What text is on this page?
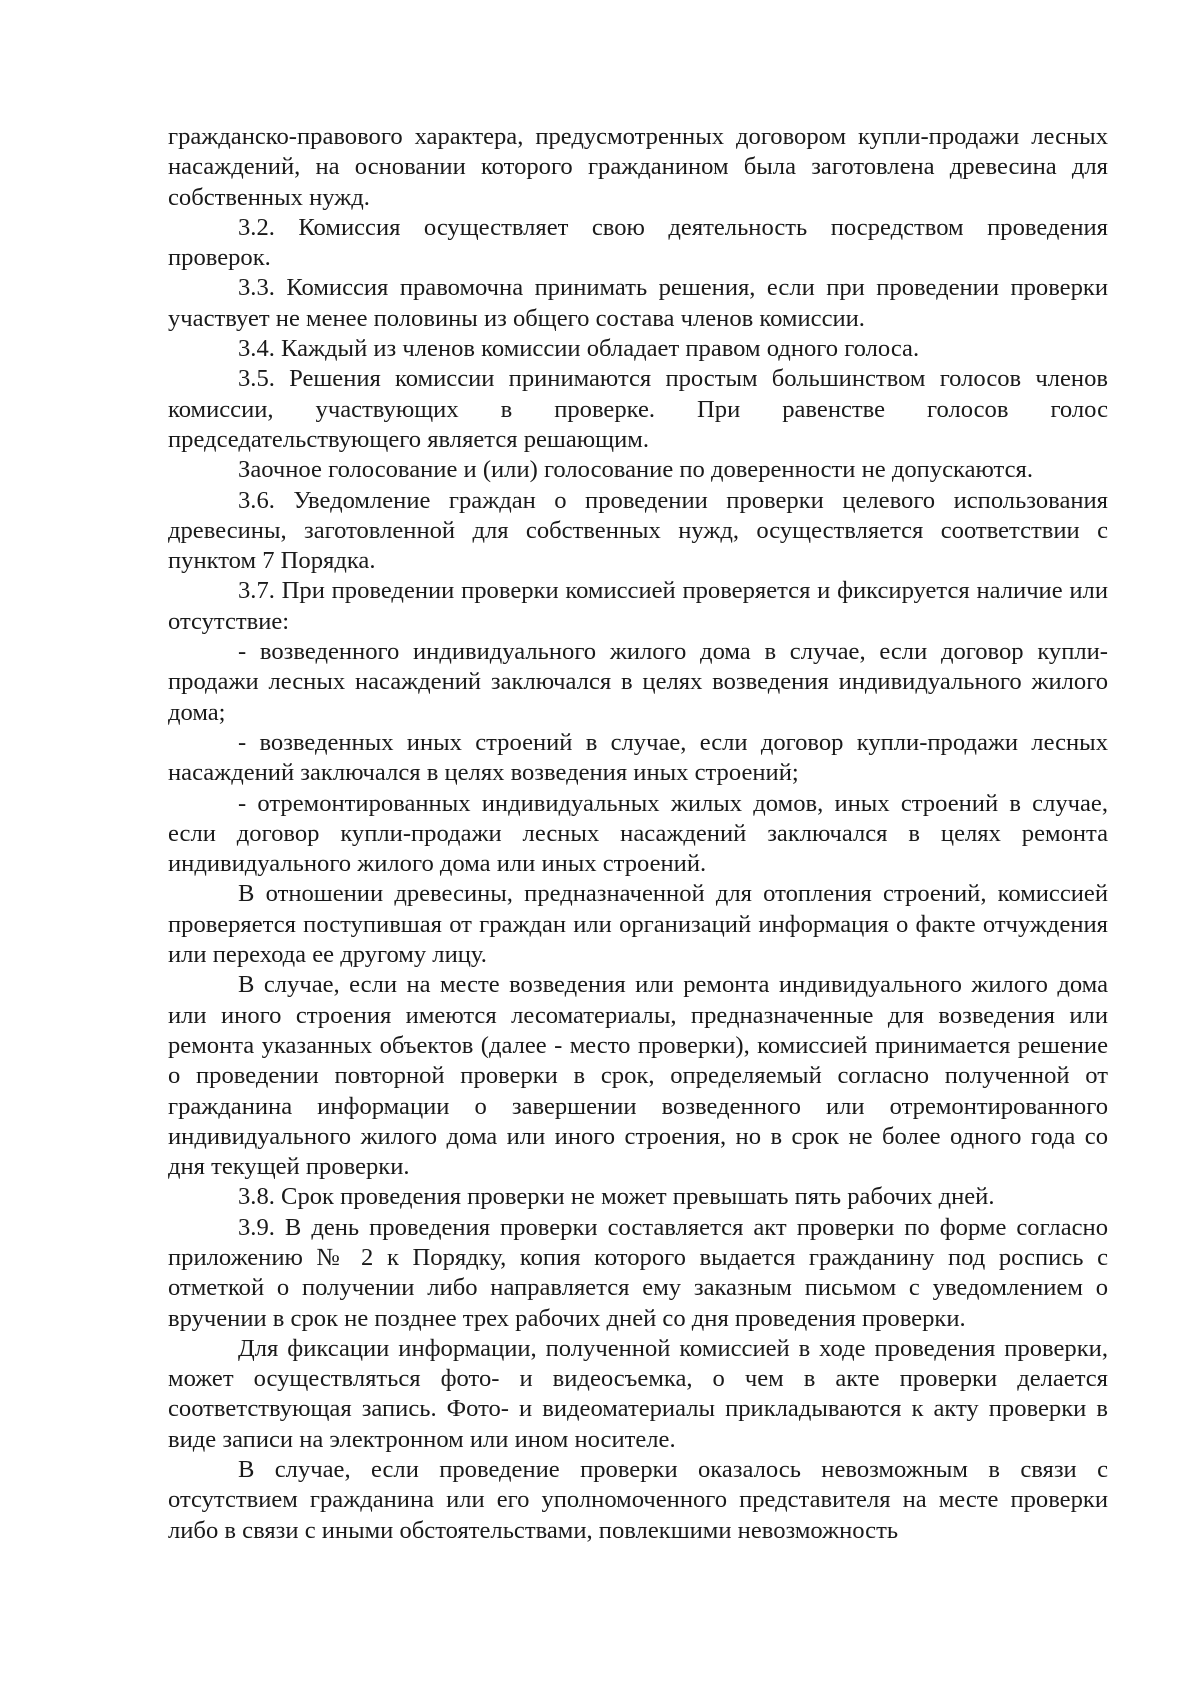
гражданско-правового характера, предусмотренных договором купли-продажи лесных насаждений, на основании которого гражданином была заготовлена древесина для собственных нужд.

3.2. Комиссия осуществляет свою деятельность посредством проведения проверок.

3.3. Комиссия правомочна принимать решения, если при проведении проверки участвует не менее половины из общего состава членов комиссии.

3.4. Каждый из членов комиссии обладает правом одного голоса.

3.5. Решения комиссии принимаются простым большинством голосов членов комиссии, участвующих в проверке. При равенстве голосов голос председательствующего является решающим.

Заочное голосование и (или) голосование по доверенности не допускаются.

3.6. Уведомление граждан о проведении проверки целевого использования древесины, заготовленной для собственных нужд, осуществляется соответствии с пунктом 7 Порядка.

3.7. При проведении проверки комиссией проверяется и фиксируется наличие или отсутствие:

- возведенного индивидуального жилого дома в случае, если договор купли-продажи лесных насаждений заключался в целях возведения индивидуального жилого дома;

- возведенных иных строений в случае, если договор купли-продажи лесных насаждений заключался в целях возведения иных строений;

- отремонтированных индивидуальных жилых домов, иных строений в случае, если договор купли-продажи лесных насаждений заключался в целях ремонта индивидуального жилого дома или иных строений.

В отношении древесины, предназначенной для отопления строений, комиссией проверяется поступившая от граждан или организаций информация о факте отчуждения или перехода ее другому лицу.

В случае, если на месте возведения или ремонта индивидуального жилого дома или иного строения имеются лесоматериалы, предназначенные для возведения или ремонта указанных объектов (далее - место проверки), комиссией принимается решение о проведении повторной проверки в срок, определяемый согласно полученной от гражданина информации о завершении возведенного или отремонтированного индивидуального жилого дома или иного строения, но в срок не более одного года со дня текущей проверки.

3.8. Срок проведения проверки не может превышать пять рабочих дней.

3.9. В день проведения проверки составляется акт проверки по форме согласно приложению № 2 к Порядку, копия которого выдается гражданину под роспись с отметкой о получении либо направляется ему заказным письмом с уведомлением о вручении в срок не позднее трех рабочих дней со дня проведения проверки.

Для фиксации информации, полученной комиссией в ходе проведения проверки, может осуществляться фото- и видеосъемка, о чем в акте проверки делается соответствующая запись. Фото- и видеоматериалы прикладываются к акту проверки в виде записи на электронном или ином носителе.

В случае, если проведение проверки оказалось невозможным в связи с отсутствием гражданина или его уполномоченного представителя на месте проверки либо в связи с иными обстоятельствами, повлекшими невозможность
